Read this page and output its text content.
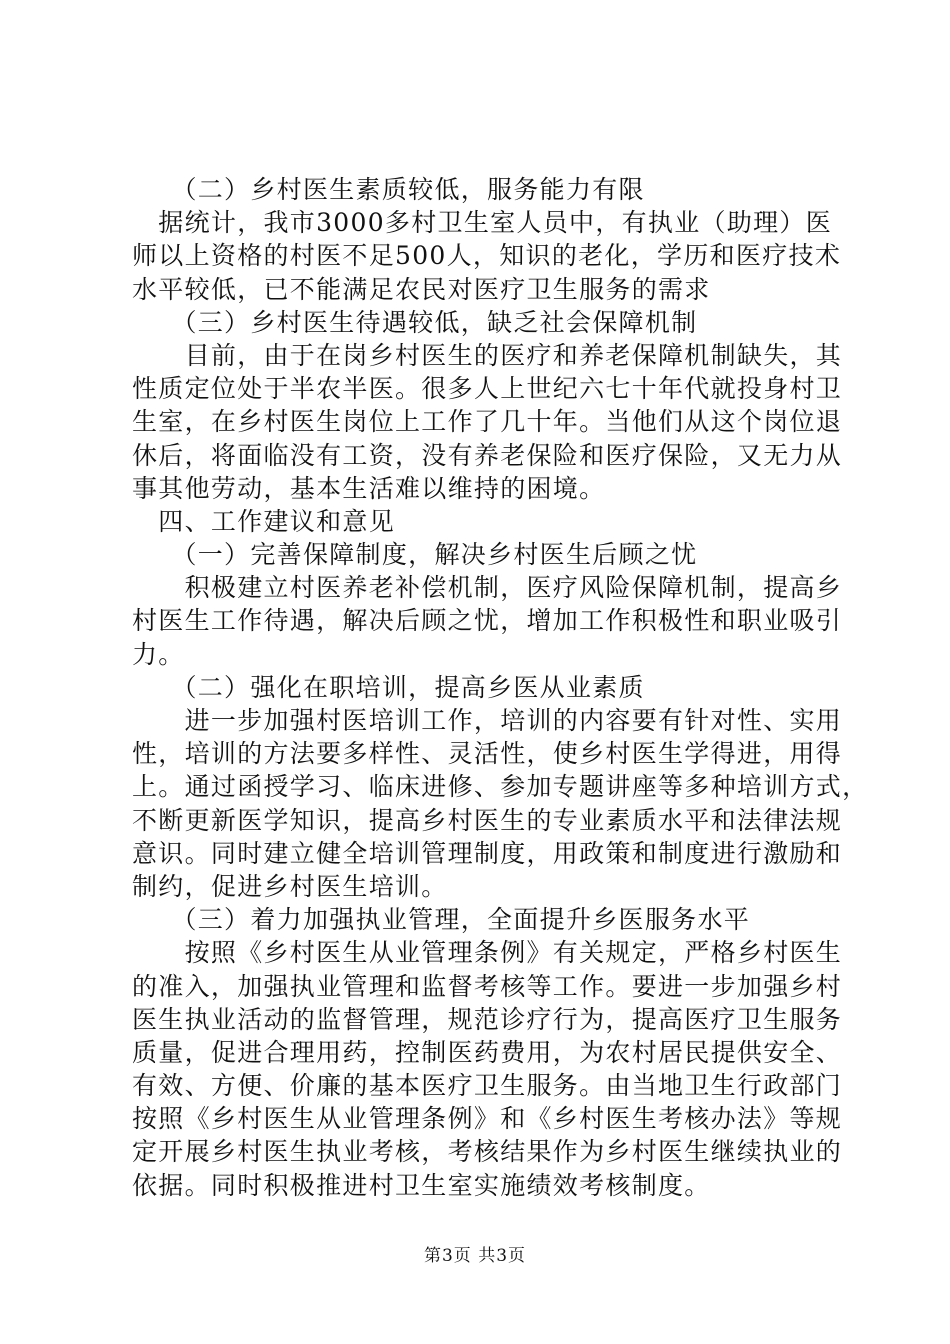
（二）乡村医生素质较低，服务能力有限
据统计，我市3000多村卫生室人员中，有执业（助理）医
师以上资格的村医不足500人，知识的老化，学历和医疗技术
水平较低，已不能满足农民对医疗卫生服务的需求
（三）乡村医生待遇较低，缺乏社会保障机制
目前，由于在岗乡村医生的医疗和养老保障机制缺失，其
性质定位处于半农半医。很多人上世纪六七十年代就投身村卫
生室，在乡村医生岗位上工作了几十年。当他们从这个岗位退
休后，将面临没有工资，没有养老保险和医疗保险，又无力从
事其他劳动，基本生活难以维持的困境。
四、工作建议和意见
（一）完善保障制度，解决乡村医生后顾之忧
积极建立村医养老补偿机制，医疗风险保障机制，提高乡
村医生工作待遇，解决后顾之忧，增加工作积极性和职业吸引
力。
（二）强化在职培训，提高乡医从业素质
进一步加强村医培训工作，培训的内容要有针对性、实用
性，培训的方法要多样性、灵活性，使乡村医生学得进，用得
上。通过函授学习、临床进修、参加专题讲座等多种培训方式，
不断更新医学知识，提高乡村医生的专业素质水平和法律法规
意识。同时建立健全培训管理制度，用政策和制度进行激励和
制约，促进乡村医生培训。
（三）着力加强执业管理，全面提升乡医服务水平
按照《乡村医生从业管理条例》有关规定，严格乡村医生
的准入，加强执业管理和监督考核等工作。要进一步加强乡村
医生执业活动的监督管理，规范诊疗行为，提高医疗卫生服务
质量，促进合理用药，控制医药费用，为农村居民提供安全、
有效、方便、价廉的基本医疗卫生服务。由当地卫生行政部门
按照《乡村医生从业管理条例》和《乡村医生考核办法》等规
定开展乡村医生执业考核，考核结果作为乡村医生继续执业的
依据。同时积极推进村卫生室实施绩效考核制度。
第3页 共3页
